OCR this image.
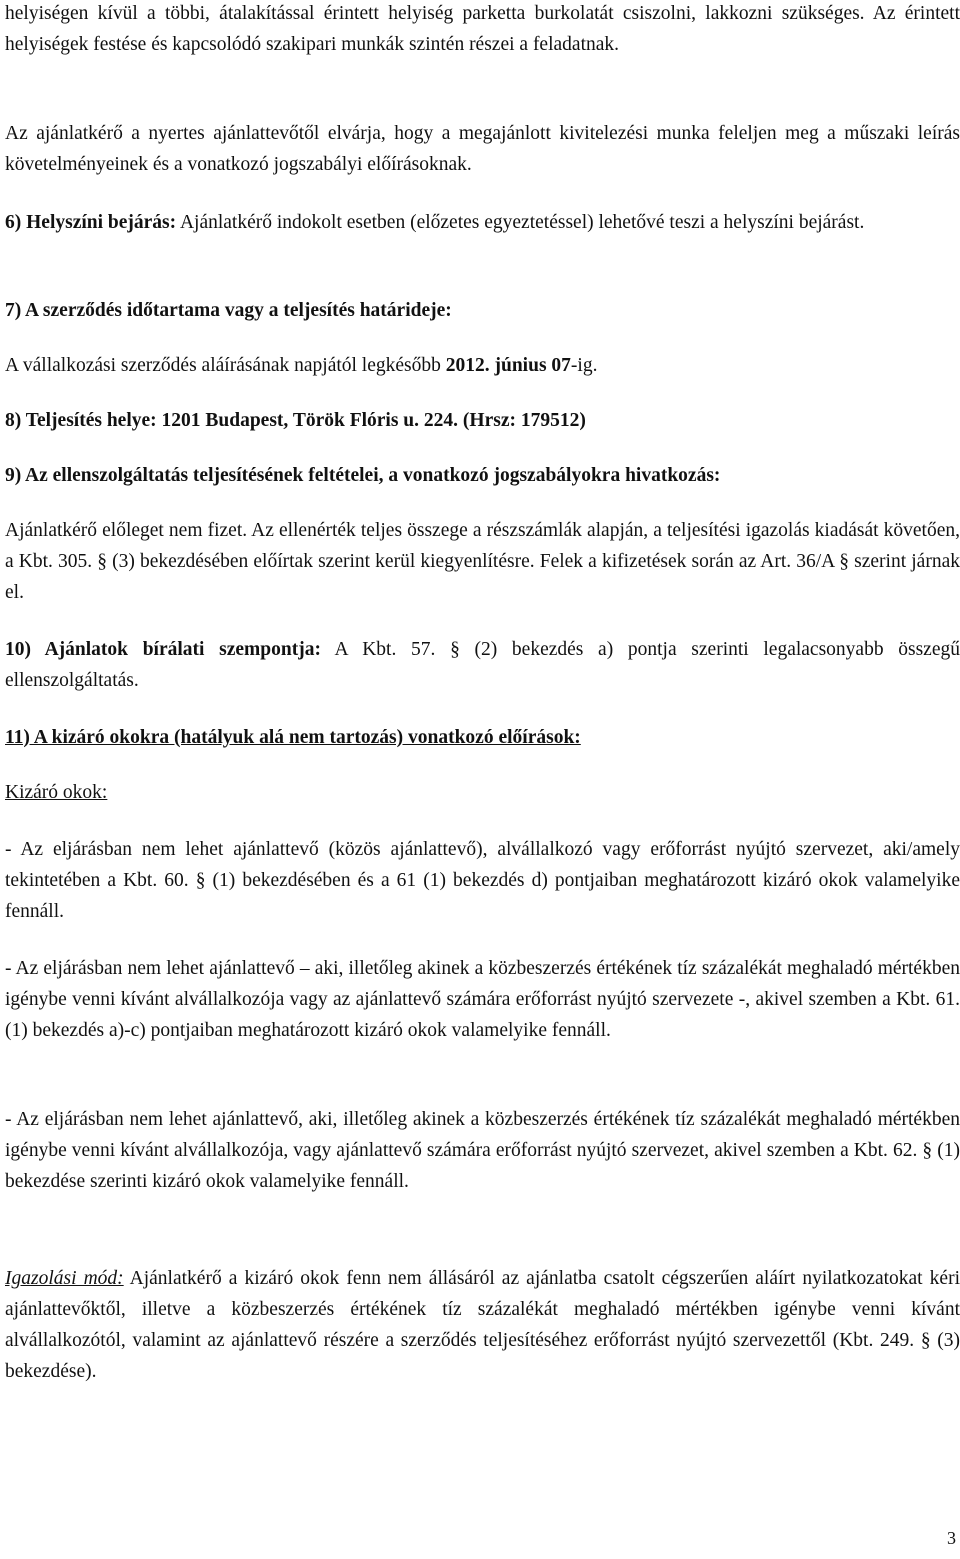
helyiségen kívül a többi, átalakítással érintett helyiség parketta burkolatát csiszolni, lakkozni szükséges. Az érintett helyiségek festése és kapcsolódó szakipari munkák szintén részei a feladatnak.

Az ajánlatkérő a nyertes ajánlattevőtől elvárja, hogy a megajánlott kivitelezési munka feleljen meg a műszaki leírás követelményeinek és a vonatkozó jogszabályi előírásoknak.

6) Helyszíni bejárás: Ajánlatkérő indokolt esetben (előzetes egyeztetéssel) lehetővé teszi a helyszíni bejárást.

7) A szerződés időtartama vagy a teljesítés határideje:

A vállalkozási szerződés aláírásának napjától legkésőbb 2012. június 07-ig.

8) Teljesítés helye: 1201 Budapest, Török Flóris u. 224. (Hrsz: 179512)

9) Az ellenszolgáltatás teljesítésének feltételei, a vonatkozó jogszabályokra hivatkozás:

Ajánlatkérő előleget nem fizet. Az ellenérték teljes összege a részszámlák alapján, a teljesítési igazolás kiadását követően, a Kbt. 305. § (3) bekezdésében előírtak szerint kerül kiegyenlítésre. Felek a kifizetések során az Art. 36/A § szerint járnak el.

10) Ajánlatok bírálati szempontja: A Kbt. 57. § (2) bekezdés a) pontja szerinti legalacsonyabb összegű ellenszolgáltatás.

11) A kizáró okokra (hatályuk alá nem tartozás) vonatkozó előírások:

Kizáró okok:

- Az eljárásban nem lehet ajánlattevő (közös ajánlattevő), alvállalkozó vagy erőforrást nyújtó szervezet, aki/amely tekintetében a Kbt. 60. § (1) bekezdésében és a 61 (1) bekezdés d) pontjaiban meghatározott kizáró okok valamelyike fennáll.

- Az eljárásban nem lehet ajánlattevő – aki, illetőleg akinek a közbeszerzés értékének tíz százalékát meghaladó mértékben igénybe venni kívánt alvállalkozója vagy az ajánlattevő számára erőforrást nyújtó szervezete -, akivel szemben a Kbt. 61. (1) bekezdés a)-c) pontjaiban meghatározott kizáró okok valamelyike fennáll.

- Az eljárásban nem lehet ajánlattevő, aki, illetőleg akinek a közbeszerzés értékének tíz százalékát meghaladó mértékben igénybe venni kívánt alvállalkozója, vagy ajánlattevő számára erőforrást nyújtó szervezet, akivel szemben a Kbt. 62. § (1) bekezdése szerinti kizáró okok valamelyike fennáll.

Igazolási mód: Ajánlatkérő a kizáró okok fenn nem állásáról az ajánlatba csatolt cégszerűen aláírt nyilatkozatokat kéri ajánlattevőktől, illetve a közbeszerzés értékének tíz százalékát meghaladó mértékben igénybe venni kívánt alvállalkozótól, valamint az ajánlattevő részére a szerződés teljesítéséhez erőforrást nyújtó szervezettől (Kbt. 249. § (3) bekezdése).

3
